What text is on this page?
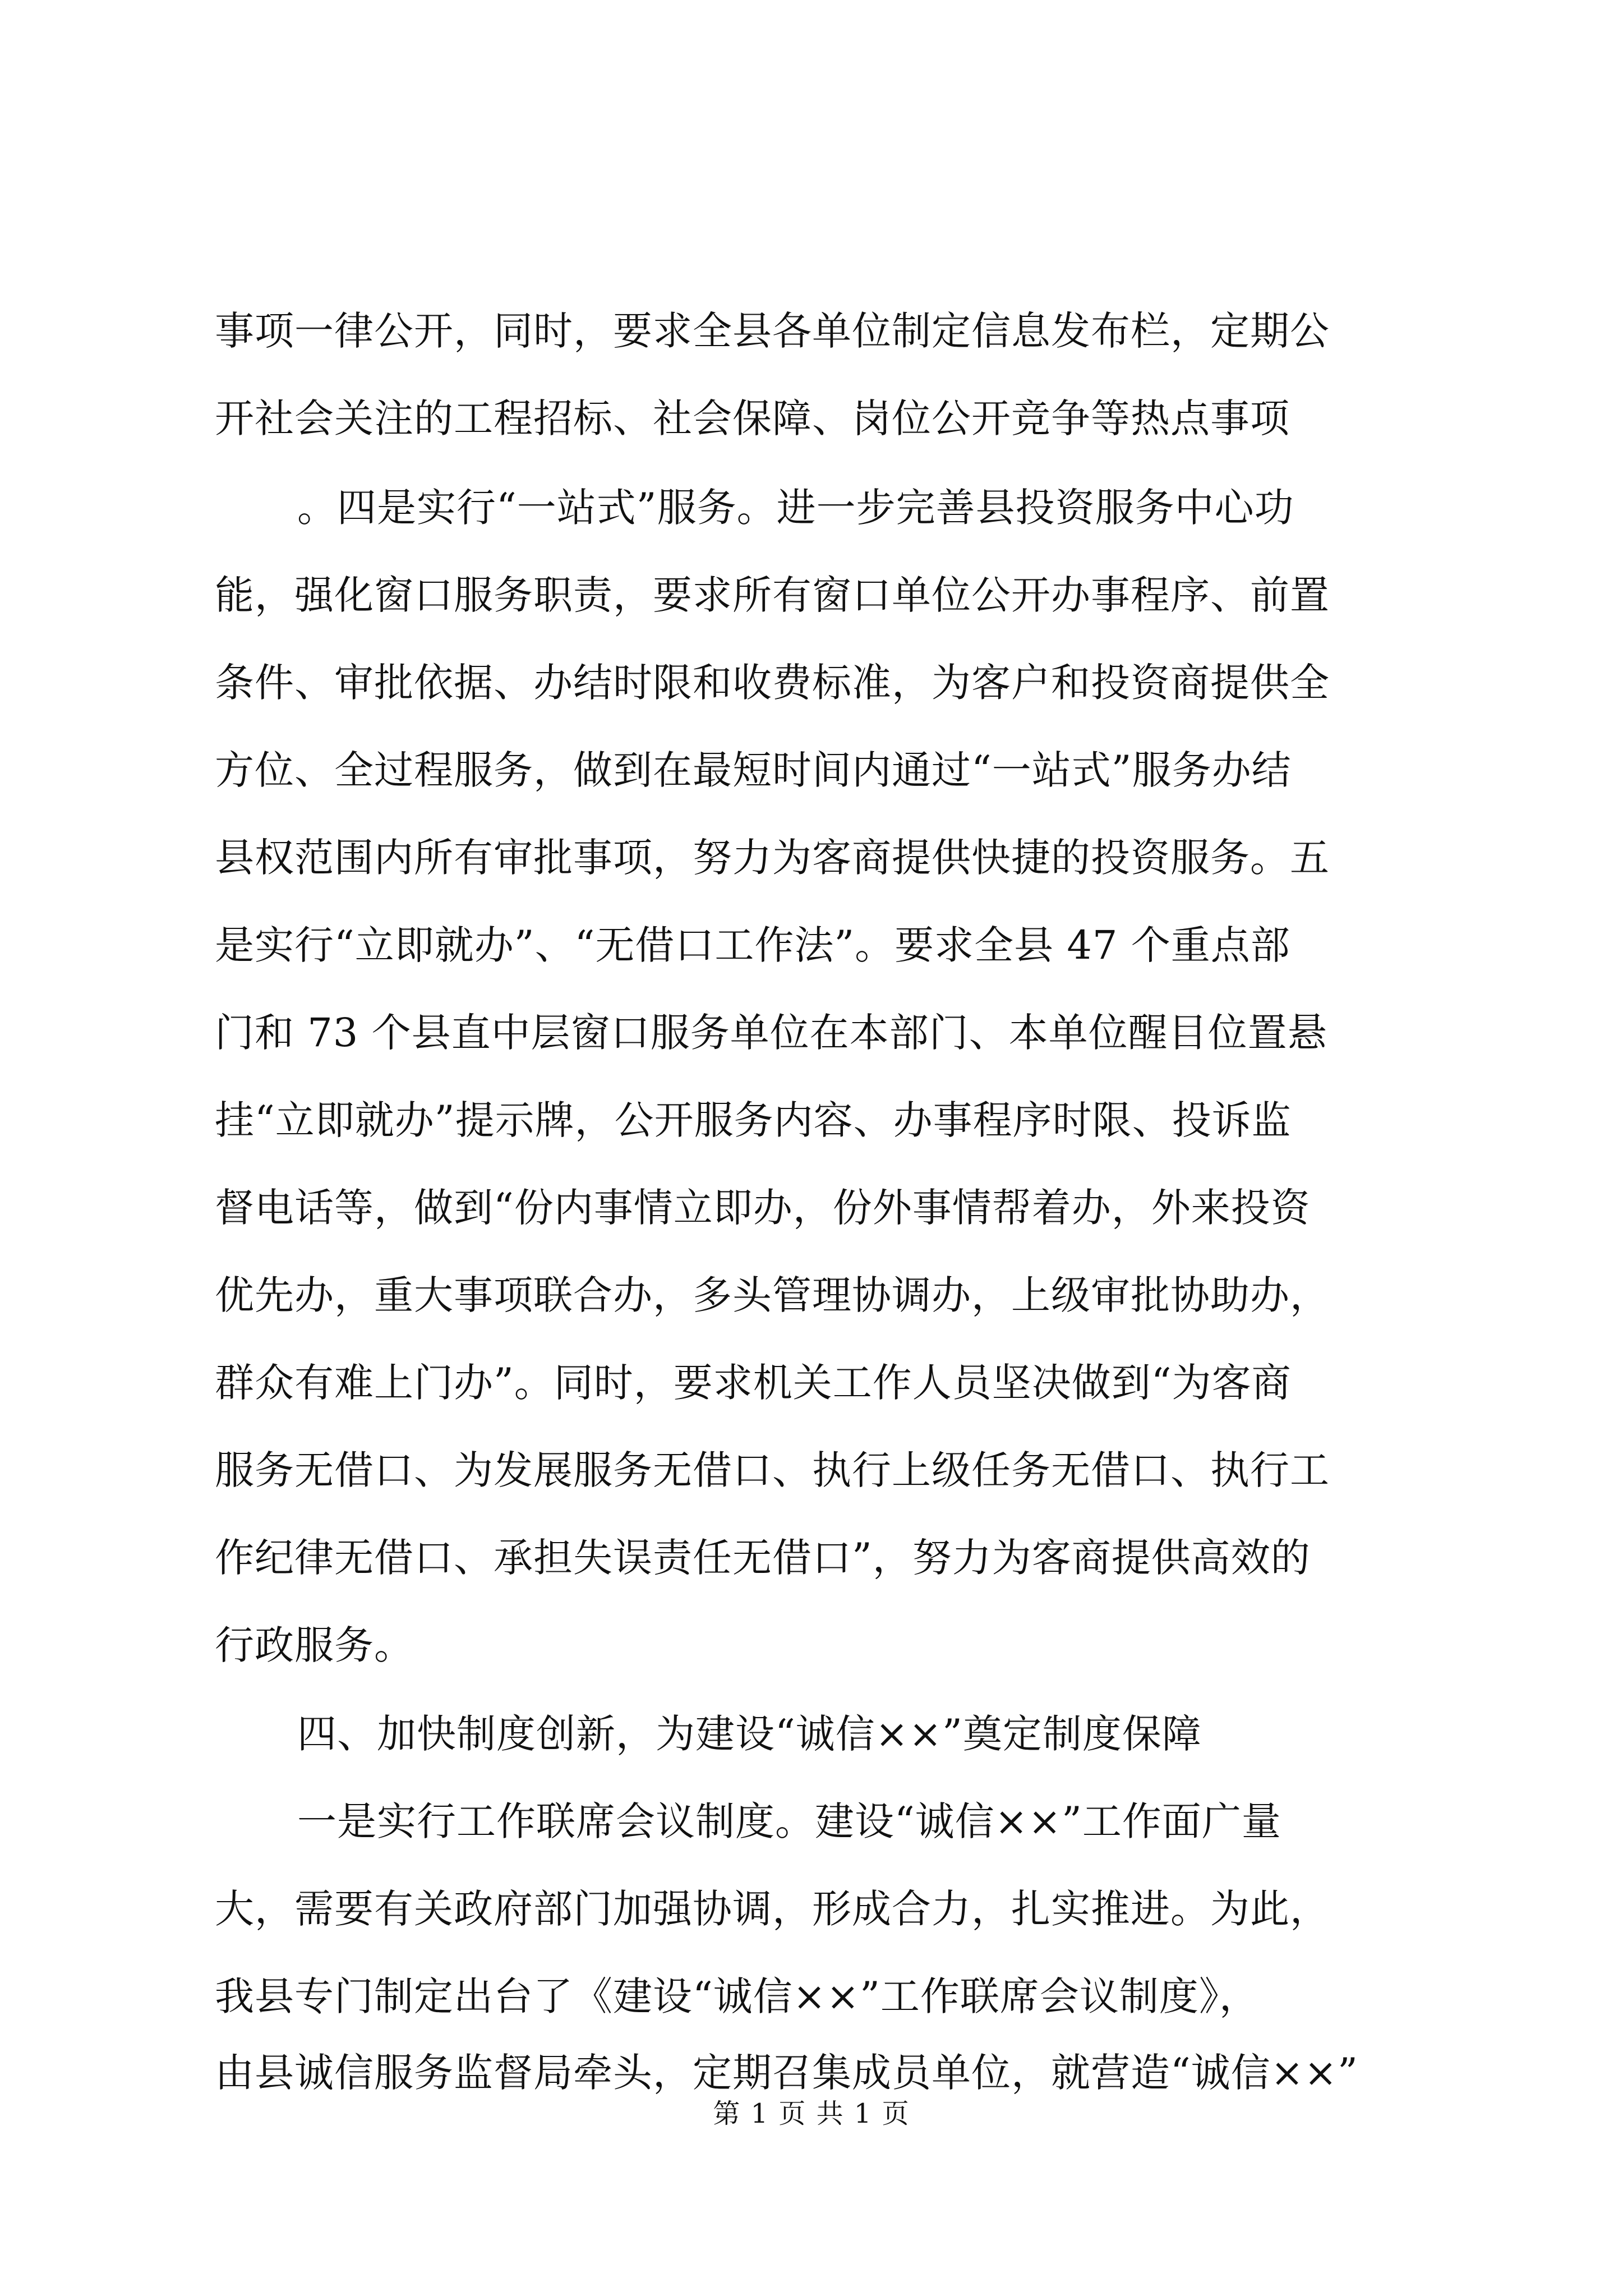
事项一律公开，同时，要求全县各单位制定信息发布栏，定期公
开社会关注的工程招标、社会保障、岗位公开竞争等热点事项
。四是实行“一站式”服务。进一步完善县投资服务中心功
能，强化窗口服务职责，要求所有窗口单位公开办事程序、前置
条件、审批依据、办结时限和收费标准，为客户和投资商提供全
方位、全过程服务，做到在最短时间内通过“一站式”服务办结
县权范围内所有审批事项，努力为客商提供快捷的投资服务。五
是实行“立即就办”、“无借口工作法”。要求全县 47 个重点部
门和 73 个县直中层窗口服务单位在本部门、本单位醒目位置悬
挂“立即就办”提示牌，公开服务内容、办事程序时限、投诉监
督电话等，做到“份内事情立即办，份外事情帮着办，外来投资
优先办，重大事项联合办，多头管理协调办，上级审批协助办，
群众有难上门办”。同时，要求机关工作人员坚决做到“为客商
服务无借口、为发展服务无借口、执行上级任务无借口、执行工
作纪律无借口、承担失误责任无借口”，努力为客商提供高效的
行政服务。
四、加快制度创新，为建设“诚信××”奠定制度保障
一是实行工作联席会议制度。建设“诚信××”工作面广量
大，需要有关政府部门加强协调，形成合力，扎实推进。为此，
我县专门制定出台了《建设“诚信××”工作联席会议制度》，
由县诚信服务监督局牵头，定期召集成员单位，就营造“诚信××”
第 1 页 共 1 页
